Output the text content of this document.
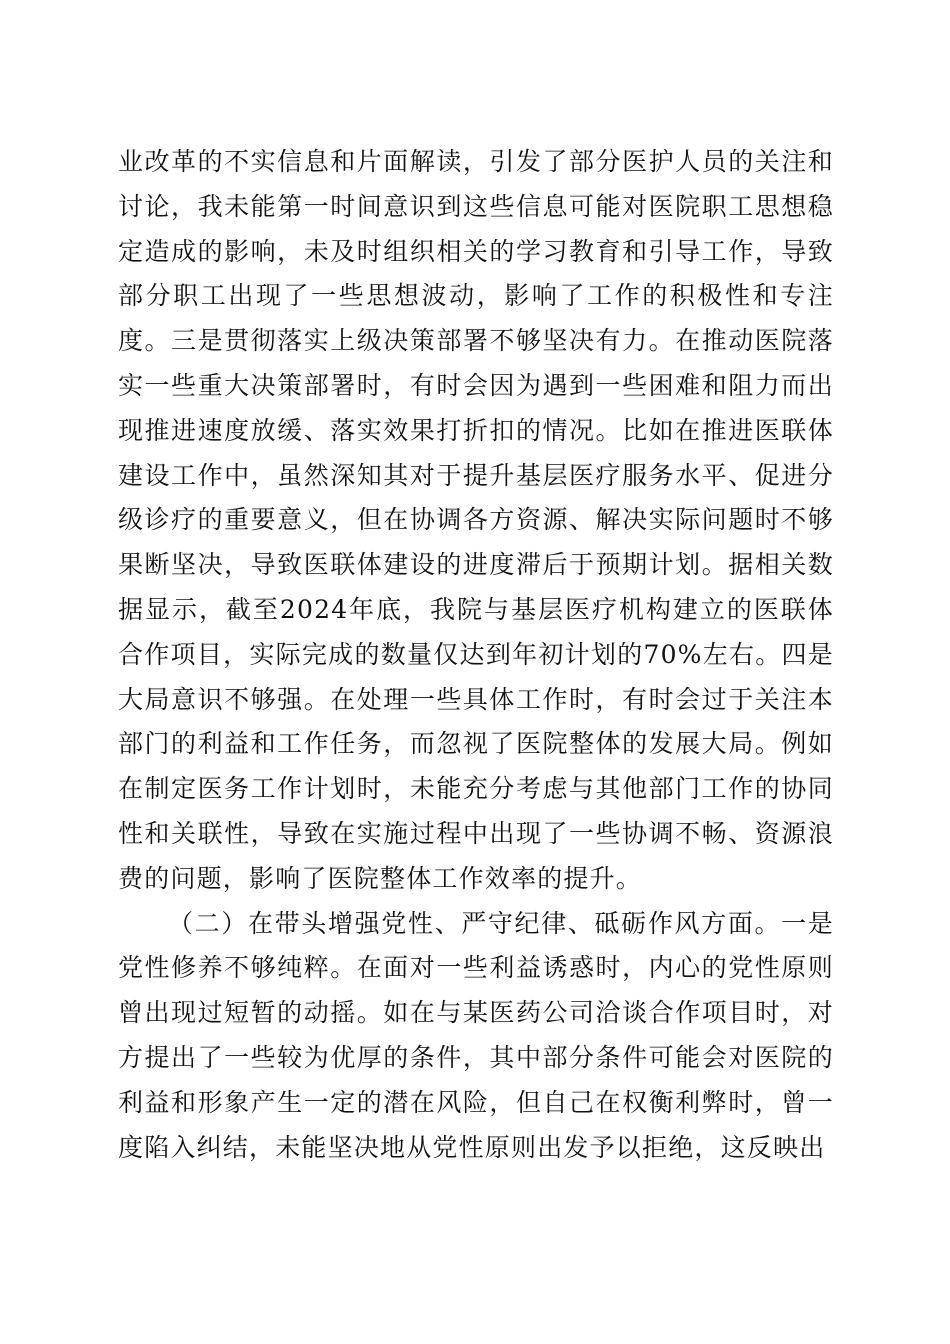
业改革的不实信息和片面解读，引发了部分医护人员的关注和讨论，我未能第一时间意识到这些信息可能对医院职工思想稳定造成的影响，未及时组织相关的学习教育和引导工作，导致部分职工出现了一些思想波动，影响了工作的积极性和专注度。三是贯彻落实上级决策部署不够坚决有力。在推动医院落实一些重大决策部署时，有时会因为遇到一些困难和阻力而出现推进速度放缓、落实效果打折扣的情况。比如在推进医联体建设工作中，虽然深知其对于提升基层医疗服务水平、促进分级诊疗的重要意义，但在协调各方资源、解决实际问题时不够果断坚决，导致医联体建设的进度滞后于预期计划。据相关数据显示，截至2024年底，我院与基层医疗机构建立的医联体合作项目，实际完成的数量仅达到年初计划的70%左右。四是大局意识不够强。在处理一些具体工作时，有时会过于关注本部门的利益和工作任务，而忽视了医院整体的发展大局。例如在制定医务工作计划时，未能充分考虑与其他部门工作的协同性和关联性，导致在实施过程中出现了一些协调不畅、资源浪费的问题，影响了医院整体工作效率的提升。

（二）在带头增强党性、严守纪律、砥砺作风方面。一是党性修养不够纯粹。在面对一些利益诱惑时，内心的党性原则曾出现过短暂的动摇。如在与某医药公司洽谈合作项目时，对方提出了一些较为优厚的条件，其中部分条件可能会对医院的利益和形象产生一定的潜在风险，但自己在权衡利弊时，曾一度陷入纠结，未能坚决地从党性原则出发予以拒绝，这反映出
